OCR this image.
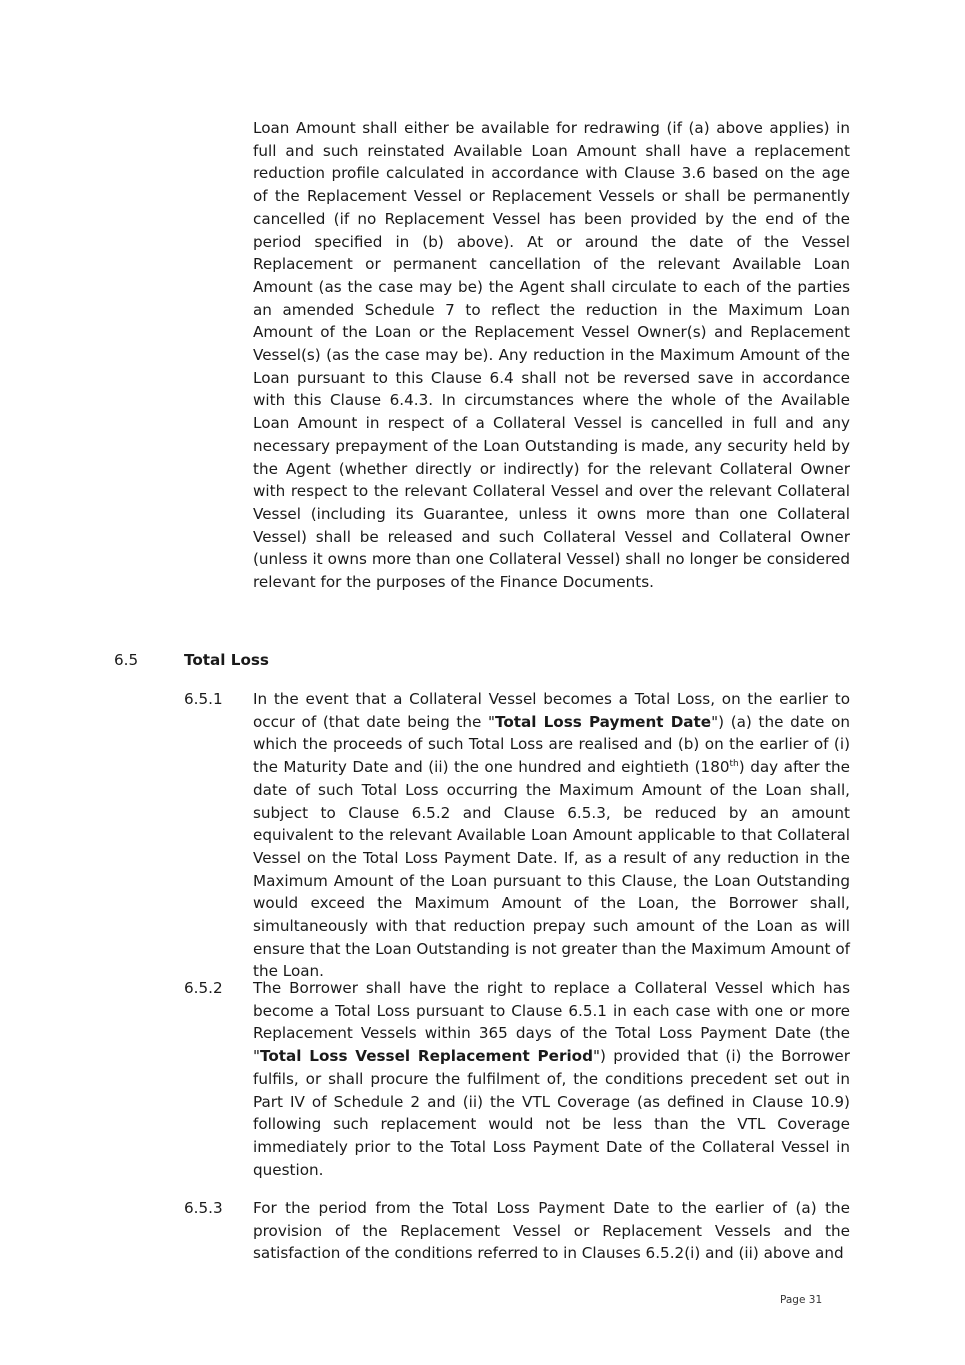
Loan Amount shall either be available for redrawing (if (a) above applies) in full and such reinstated Available Loan Amount shall have a replacement reduction profile calculated in accordance with Clause 3.6 based on the age of the Replacement Vessel or Replacement Vessels or shall be permanently cancelled (if no Replacement Vessel has been provided by the end of the period specified in (b) above). At or around the date of the Vessel Replacement or permanent cancellation of the relevant Available Loan Amount (as the case may be) the Agent shall circulate to each of the parties an amended Schedule 7 to reflect the reduction in the Maximum Loan Amount of the Loan or the Replacement Vessel Owner(s) and Replacement Vessel(s) (as the case may be). Any reduction in the Maximum Amount of the Loan pursuant to this Clause 6.4 shall not be reversed save in accordance with this Clause 6.4.3. In circumstances where the whole of the Available Loan Amount in respect of a Collateral Vessel is cancelled in full and any necessary prepayment of the Loan Outstanding is made, any security held by the Agent (whether directly or indirectly) for the relevant Collateral Owner with respect to the relevant Collateral Vessel and over the relevant Collateral Vessel (including its Guarantee, unless it owns more than one Collateral Vessel) shall be released and such Collateral Vessel and Collateral Owner (unless it owns more than one Collateral Vessel) shall no longer be considered relevant for the purposes of the Finance Documents.

6.5	Total Loss
6.5.1 In the event that a Collateral Vessel becomes a Total Loss, on the earlier to occur of (that date being the "Total Loss Payment Date") (a) the date on which the proceeds of such Total Loss are realised and (b) on the earlier of (i) the Maturity Date and (ii) the one hundred and eightieth (180th) day after the date of such Total Loss occurring the Maximum Amount of the Loan shall, subject to Clause 6.5.2 and Clause 6.5.3, be reduced by an amount equivalent to the relevant Available Loan Amount applicable to that Collateral Vessel on the Total Loss Payment Date. If, as a result of any reduction in the Maximum Amount of the Loan pursuant to this Clause, the Loan Outstanding would exceed the Maximum Amount of the Loan, the Borrower shall, simultaneously with that reduction prepay such amount of the Loan as will ensure that the Loan Outstanding is not greater than the Maximum Amount of the Loan.

6.5.2 The Borrower shall have the right to replace a Collateral Vessel which has become a Total Loss pursuant to Clause 6.5.1 in each case with one or more Replacement Vessels within 365 days of the Total Loss Payment Date (the "Total Loss Vessel Replacement Period") provided that (i) the Borrower fulfils, or shall procure the fulfilment of, the conditions precedent set out in Part IV of Schedule 2 and (ii) the VTL Coverage (as defined in Clause 10.9) following such replacement would not be less than the VTL Coverage immediately prior to the Total Loss Payment Date of the Collateral Vessel in question.

6.5.3 For the period from the Total Loss Payment Date to the earlier of (a) the provision of the Replacement Vessel or Replacement Vessels and the satisfaction of the conditions referred to in Clauses 6.5.2(i) and (ii) above and

Page 31
